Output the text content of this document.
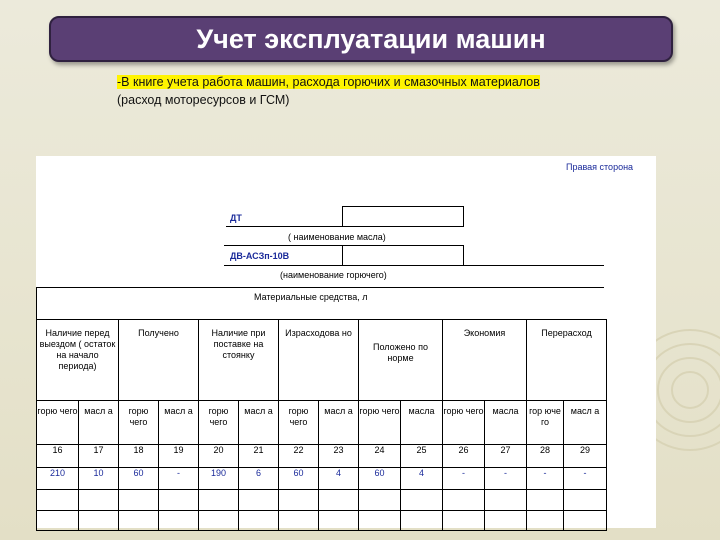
Учет эксплуатации машин
-В книге учета работа машин, расхода горючих и смазочных материалов
(расход моторесурсов и ГСМ)
Правая сторона
ДТ
( наименование масла)
ДВ-АСЗп-10В
(наименование горючего)
Материальные средства, л
Наличие перед выездом ( остаток на начало периода)		Получено		Наличие при поставке на стоянку		Израсходова но		Положено по норме		Экономия		Перерасход	
горю чего	масл а	горю чего	масл а	горю чего	масл а	горю чего	масл а	горю чего	масла	горю чего	масла	гор юче го	масл а
16	17	18	19	20	21	22	23	24	25	26	27	28	29
210	10	60	-	190	6	60	4	60	4	-	-	-	-
